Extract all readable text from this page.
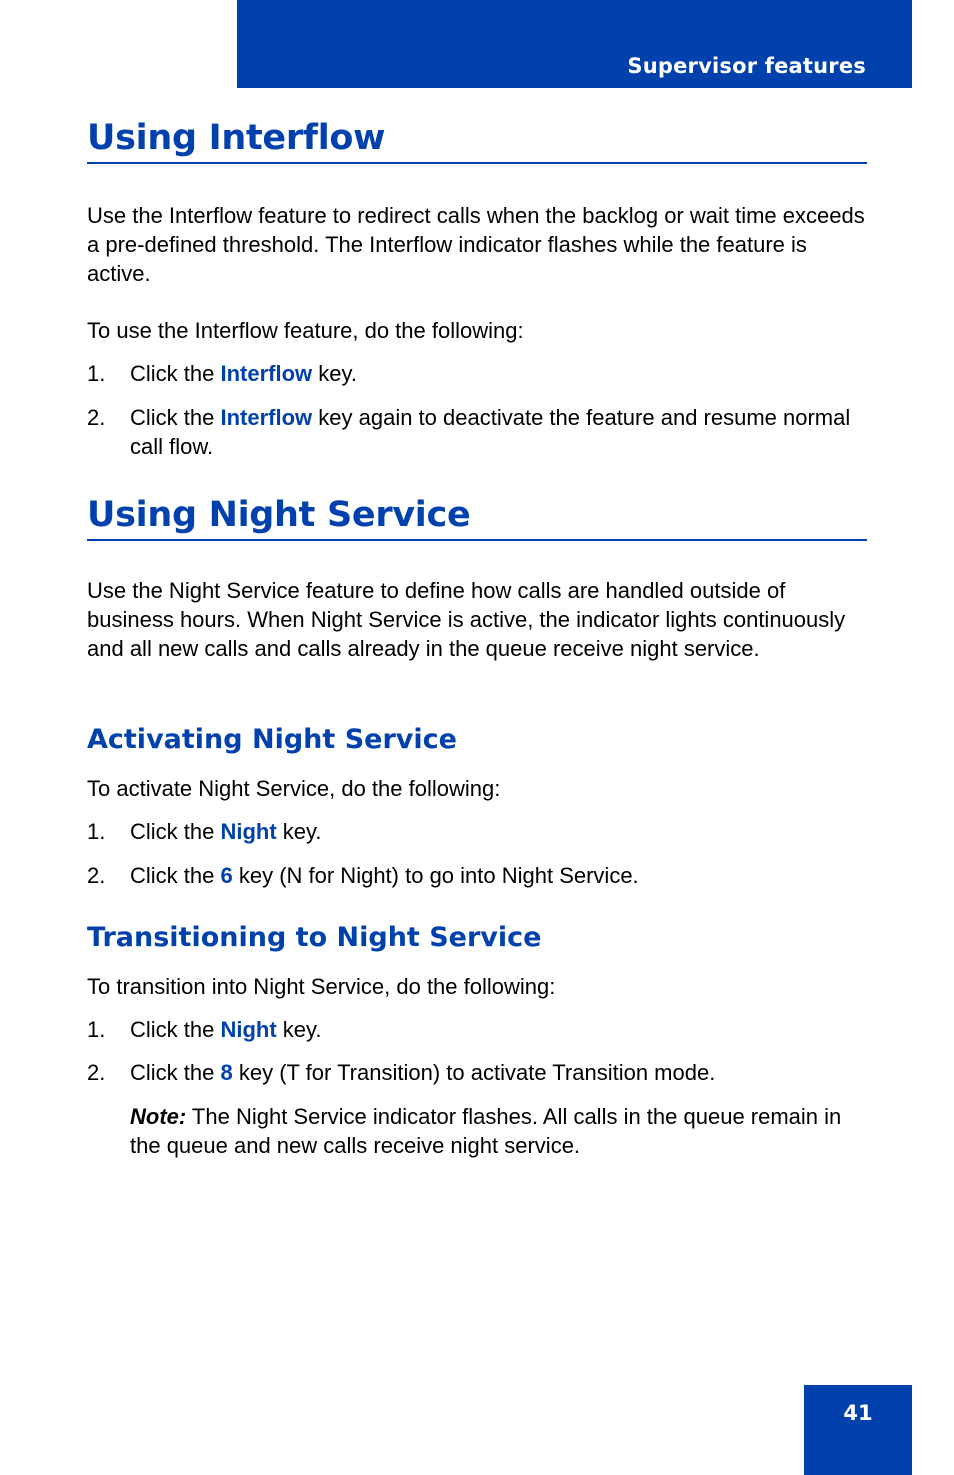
Supervisor features
Using Interflow

Use the Interflow feature to redirect calls when the backlog or wait time exceeds a pre-defined threshold. The Interflow indicator flashes while the feature is active.

To use the Interflow feature, do the following:

1. Click the Interflow key.
2. Click the Interflow key again to deactivate the feature and resume normal call flow.
Using Night Service

Use the Night Service feature to define how calls are handled outside of business hours. When Night Service is active, the indicator lights continuously and all new calls and calls already in the queue receive night service.

Activating Night Service

To activate Night Service, do the following:

1. Click the Night key.
2. Click the 6 key (N for Night) to go into Night Service.
Transitioning to Night Service

To transition into Night Service, do the following:

1. Click the Night key.
2. Click the 8 key (T for Transition) to activate Transition mode.

Note: The Night Service indicator flashes. All calls in the queue remain in the queue and new calls receive night service.

41
